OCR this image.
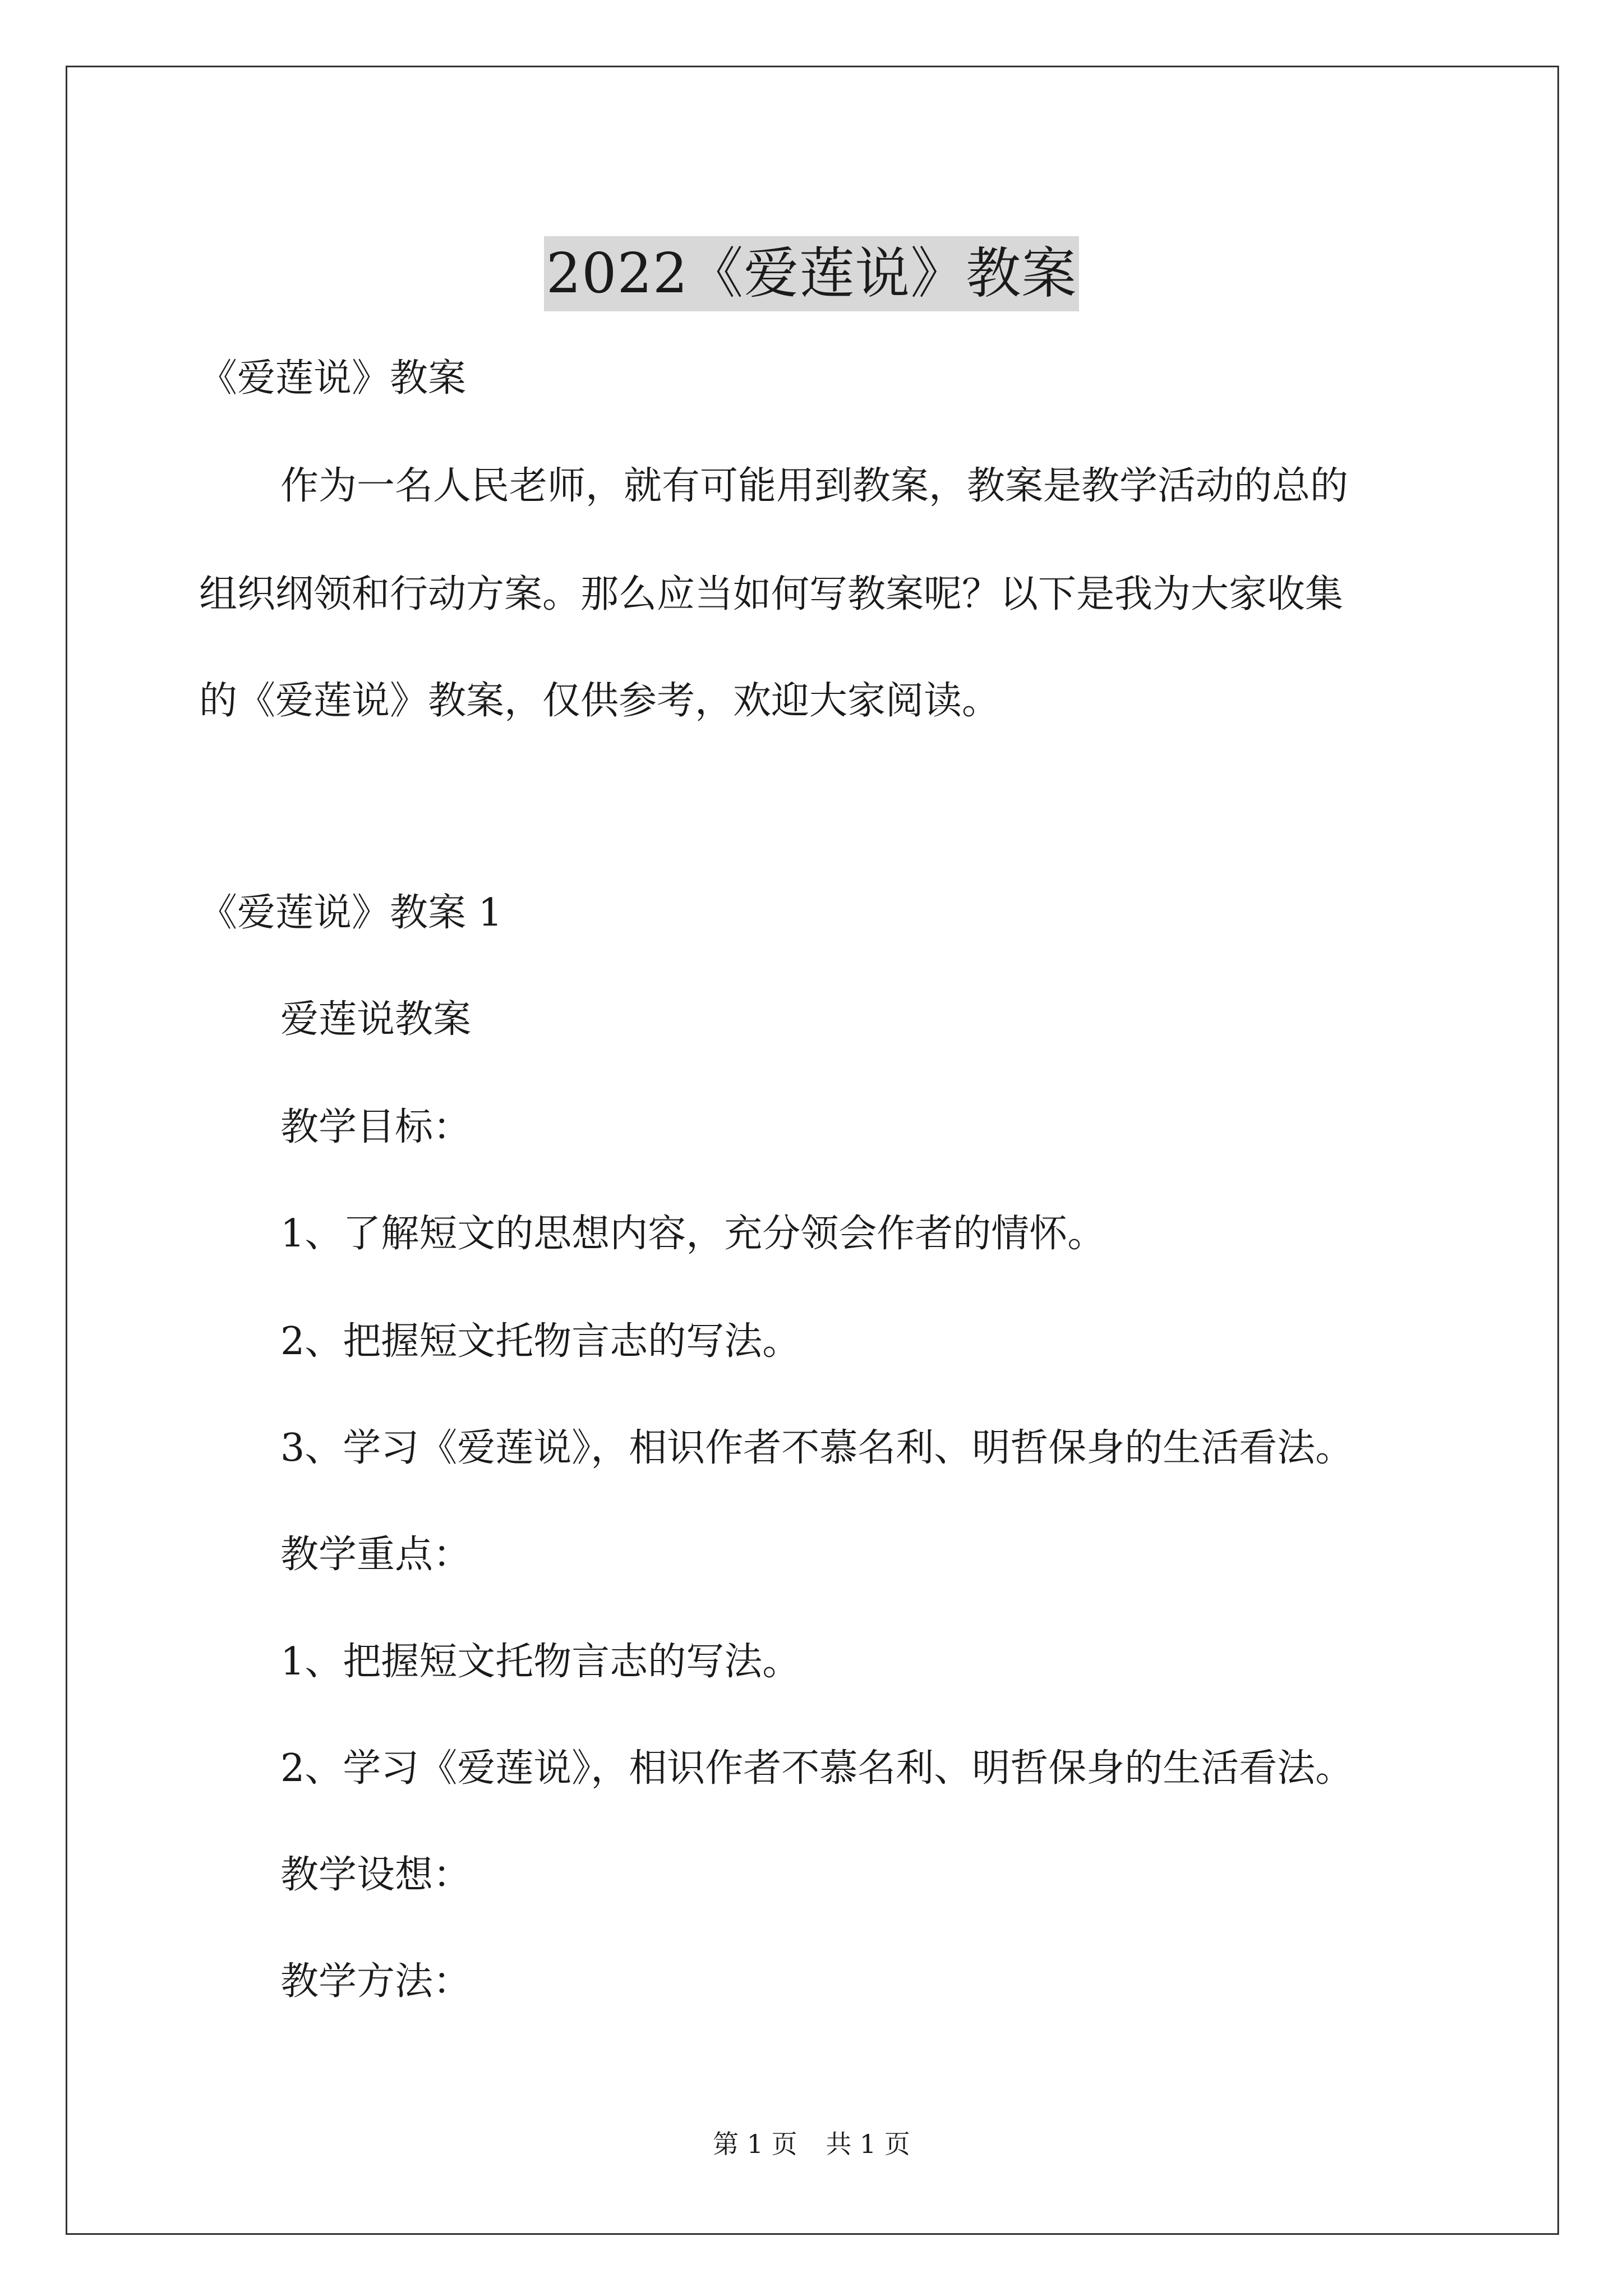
2022《爱莲说》教案
《爱莲说》教案
作为一名人民老师，就有可能用到教案，教案是教学活动的总的
组织纲领和行动方案。那么应当如何写教案呢？以下是我为大家收集
的《爱莲说》教案，仅供参考，欢迎大家阅读。
《爱莲说》教案 1
爱莲说教案
教学目标：
1、了解短文的思想内容，充分领会作者的情怀。
2、把握短文托物言志的写法。
3、学习《爱莲说》，相识作者不慕名利、明哲保身的生活看法。
教学重点：
1、把握短文托物言志的写法。
2、学习《爱莲说》，相识作者不慕名利、明哲保身的生活看法。
教学设想：
教学方法：
第 1 页 共 1 页
